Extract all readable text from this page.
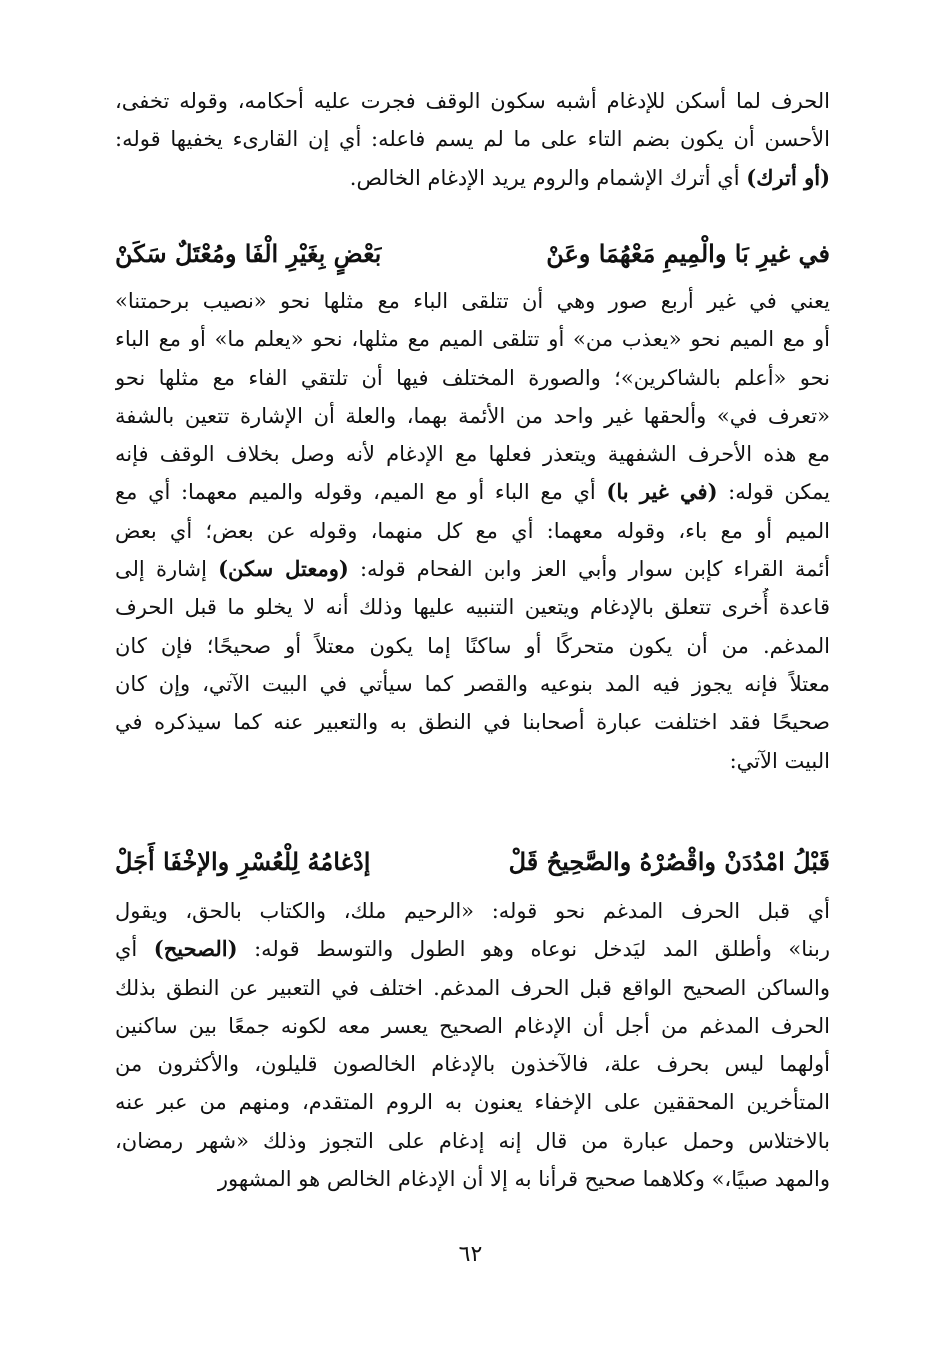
الحرف لما أسكن للإدغام أشبه سكون الوقف فجرت عليه أحكامه، وقوله تخفى،
الأحسن أن يكون بضم التاء على ما لم يسم فاعله: أي إن القارىء يخفيها قوله:
(أو أترك) أي أترك الإشمام والروم يريد الإدغام الخالص.
في غيرِ بَا والْمِيمِ مَعْهُمَا وعَنْ
بَعْضٍ بِغَيْرِ الْفَا ومُعْتَلٌ سَكَنْ
يعني في غير أربع صور وهي أن تتلقى الباء مع مثلها نحو «نصيب برحمتنا»
أو مع الميم نحو «يعذب من» أو تتلقى الميم مع مثلها، نحو «يعلم ما» أو مع الباء
نحو «أعلم بالشاكرين»؛ والصورة المختلف فيها أن تلتقي الفاء مع مثلها نحو
«تعرف في» وألحقها غير واحد من الأئمة بهما، والعلة أن الإشارة تتعين بالشفة
مع هذه الأحرف الشفهية ويتعذر فعلها مع الإدغام لأنه وصل بخلاف الوقف فإنه
يمكن قوله: (في غير با) أي مع الباء أو مع الميم، وقوله والميم معهما: أي مع
الميم أو مع باء، وقوله معهما: أي مع كل منهما، وقوله عن بعض؛ أي بعض
أئمة القراء كإبن سوار وأبي العز وابن الفحام قوله: (ومعتل سكن) إشارة إلى
قاعدة أُخرى تتعلق بالإدغام ويتعين التنبيه عليها وذلك أنه لا يخلو ما قبل الحرف
المدغم. من أن يكون متحركًا أو ساكنًا إما يكون معتلاً أو صحيحًا؛ فإن كان
معتلاً فإنه يجوز فيه المد بنوعيه والقصر كما سيأتي في البيت الآتي، وإن كان
صحيحًا فقد اختلفت عبارة أصحابنا في النطق به والتعبير عنه كما سيذكره في
البيت الآتي:
قَبْلُ امْدُدَنْ واقْصُرْهُ والصَّحِيحُ قَلْ
إدْغامُهُ لِلْعُسْرِ والإخْفَا أَجَلْ
أي قبل الحرف المدغم نحو قوله: «الرحيم ملك، والكتاب بالحق، ويقول
ربنا» وأطلق المد ليَدخل نوعاه وهو الطول والتوسط قوله: (الصحيح) أي
والساكن الصحيح الواقع قبل الحرف المدغم. اختلف في التعبير عن النطق بذلك
الحرف المدغم من أجل أن الإدغام الصحيح يعسر معه لكونه جمعًا بين ساكنين
أولهما ليس بحرف علة، فالآخذون بالإدغام الخالصون قليلون، والأكثرون من
المتأخرين المحققين على الإخفاء يعنون به الروم المتقدم، ومنهم من عبر عنه
بالاختلاس وحمل عبارة من قال إنه إدغام على التجوز وذلك «شهر رمضان،
والمهد صبيًا،» وكلاهما صحيح قرأنا به إلا أن الإدغام الخالص هو المشهور
٦٢
